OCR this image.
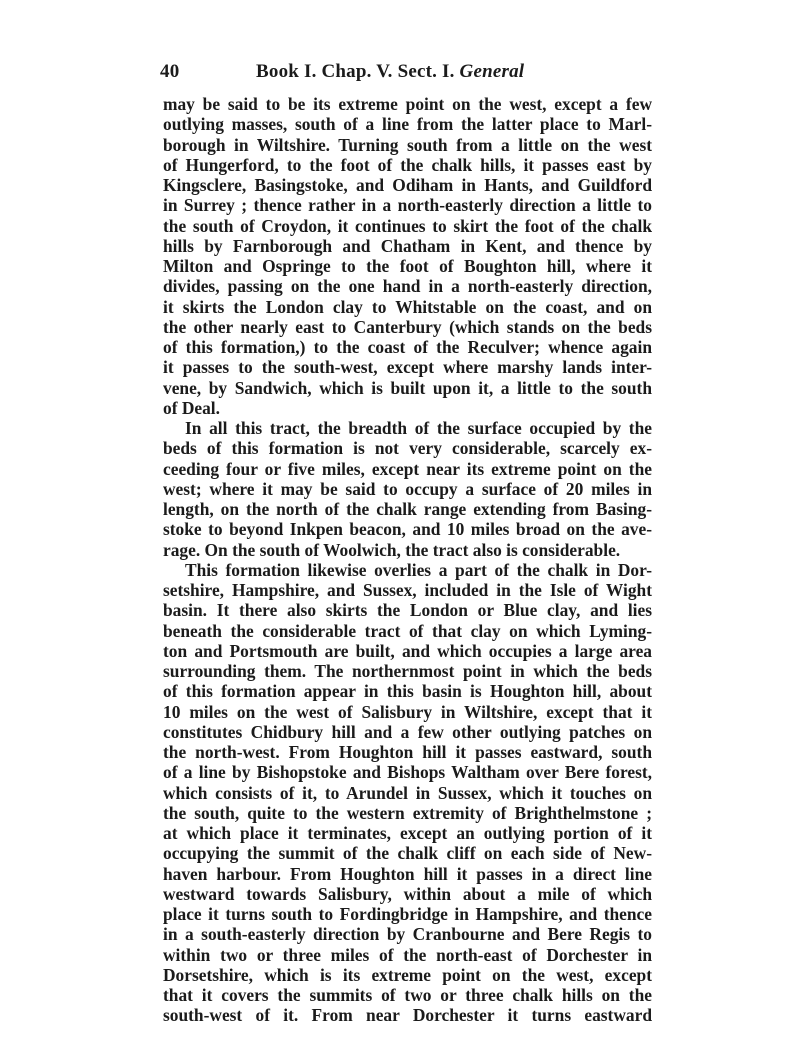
40	Book I. Chap. V. Sect. I. General
may be said to be its extreme point on the west, except a few
outlying masses, south of a line from the latter place to Marl-
borough in Wiltshire. Turning south from a little on the west
of Hungerford, to the foot of the chalk hills, it passes east by
Kingsclere, Basingstoke, and Odiham in Hants, and Guildford
in Surrey ; thence rather in a north-easterly direction a little to
the south of Croydon, it continues to skirt the foot of the chalk
hills by Farnborough and Chatham in Kent, and thence by
Milton and Ospringe to the foot of Boughton hill, where it
divides, passing on the one hand in a north-easterly direction,
it skirts the London clay to Whitstable on the coast, and on
the other nearly east to Canterbury (which stands on the beds
of this formation,) to the coast of the Reculver; whence again
it passes to the south-west, except where marshy lands inter-
vene, by Sandwich, which is built upon it, a little to the south
of Deal.
In all this tract, the breadth of the surface occupied by the
beds of this formation is not very considerable, scarcely ex-
ceeding four or five miles, except near its extreme point on the
west; where it may be said to occupy a surface of 20 miles in
length, on the north of the chalk range extending from Basing-
stoke to beyond Inkpen beacon, and 10 miles broad on the ave-
rage. On the south of Woolwich, the tract also is considerable.
This formation likewise overlies a part of the chalk in Dor-
setshire, Hampshire, and Sussex, included in the Isle of Wight
basin. It there also skirts the London or Blue clay, and lies
beneath the considerable tract of that clay on which Lyming-
ton and Portsmouth are built, and which occupies a large area
surrounding them. The northernmost point in which the beds
of this formation appear in this basin is Houghton hill, about
10 miles on the west of Salisbury in Wiltshire, except that it
constitutes Chidbury hill and a few other outlying patches on
the north-west. From Houghton hill it passes eastward, south
of a line by Bishopstoke and Bishops Waltham over Bere forest,
which consists of it, to Arundel in Sussex, which it touches on
the south, quite to the western extremity of Brighthelmstone ;
at which place it terminates, except an outlying portion of it
occupying the summit of the chalk cliff on each side of New-
haven harbour. From Houghton hill it passes in a direct line
westward towards Salisbury, within about a mile of which
place it turns south to Fordingbridge in Hampshire, and thence
in a south-easterly direction by Cranbourne and Bere Regis to
within two or three miles of the north-east of Dorchester in
Dorsetshire, which is its extreme point on the west, except
that it covers the summits of two or three chalk hills on the
south-west of it. From near Dorchester it turns eastward
